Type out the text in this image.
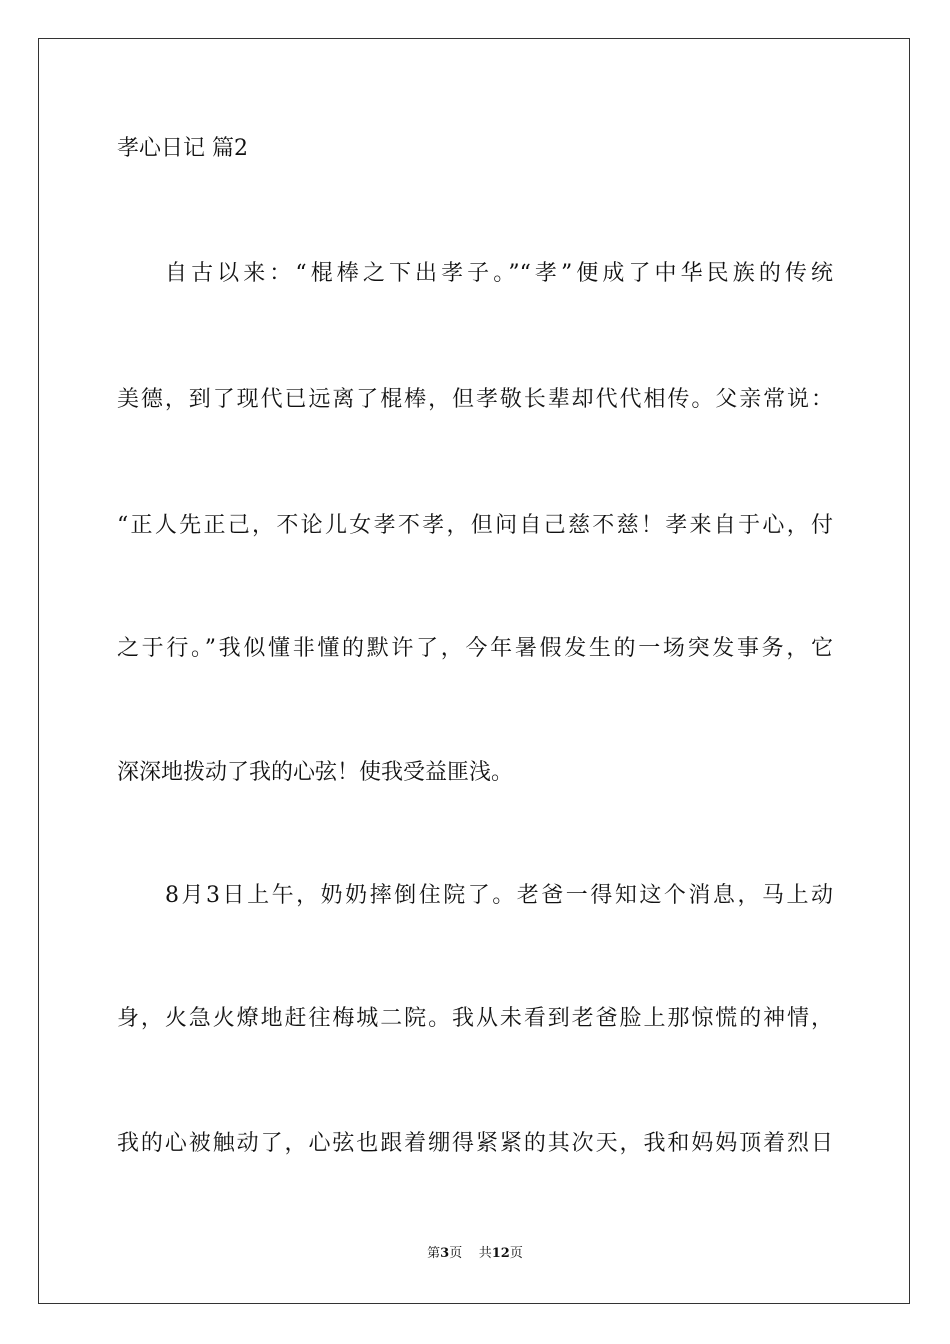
孝心日记 篇2
自古以来：“棍棒之下出孝子。”“孝”便成了中华民族的传统
美德，到了现代已远离了棍棒，但孝敬长辈却代代相传。父亲常说：
“正人先正己，不论儿女孝不孝，但问自己慈不慈！孝来自于心，付
之于行。”我似懂非懂的默许了，今年暑假发生的一场突发事务，它
深深地拨动了我的心弦！使我受益匪浅。
8月3日上午，奶奶摔倒住院了。老爸一得知这个消息，马上动
身，火急火燎地赶往梅城二院。我从未看到老爸脸上那惊慌的神情，
我的心被触动了，心弦也跟着绷得紧紧的其次天，我和妈妈顶着烈日
第3页 共12页
